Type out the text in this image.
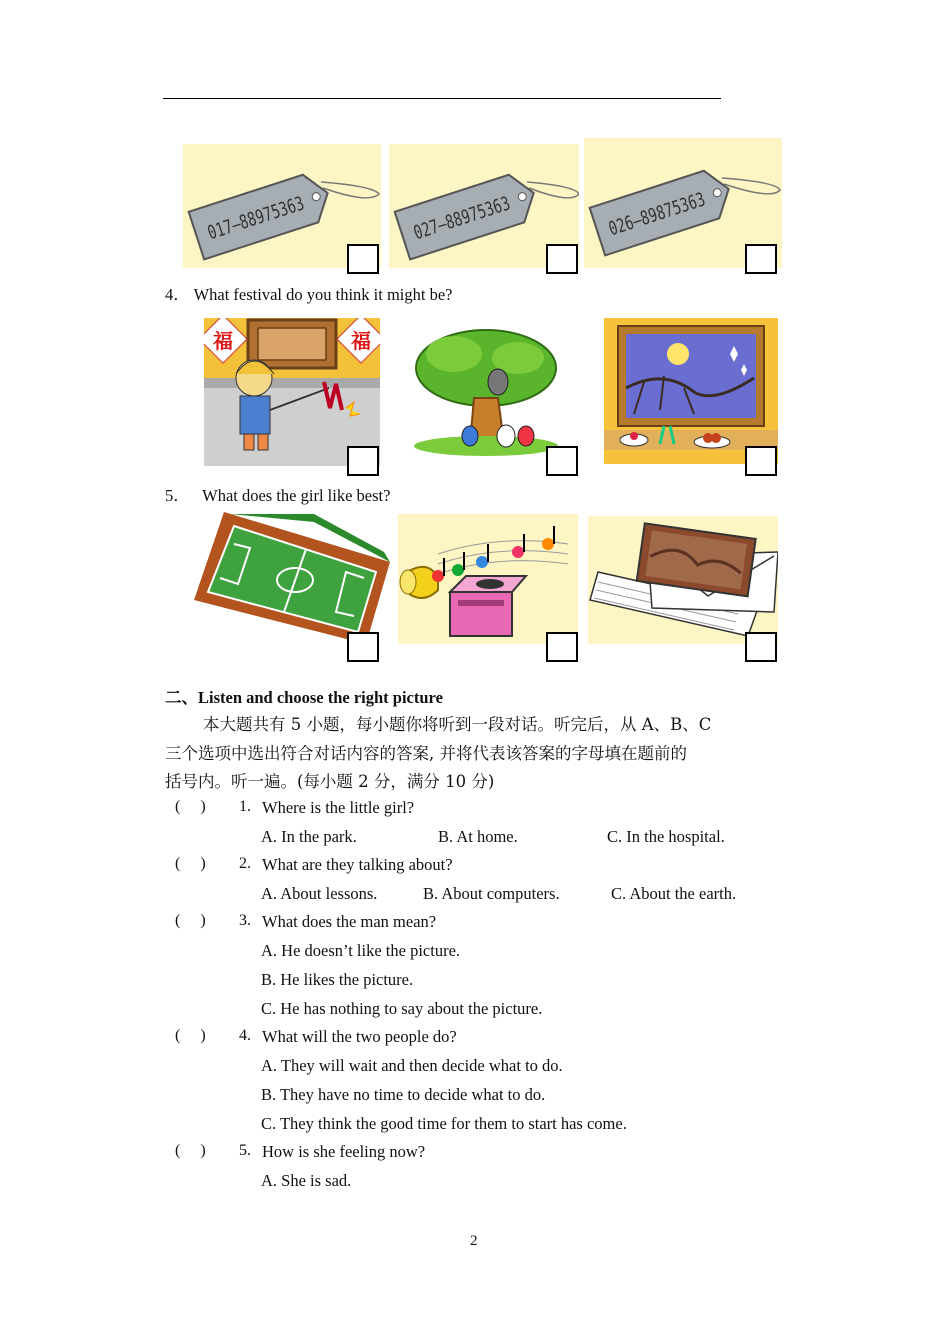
017—88975363	027—88975363	026—89875363
4． What festival do you think it might be?
福	福
5．   What does the girl like best?
二、Listen and choose the right picture
本大题共有 5 小题，每小题你将听到一段对话。听完后，从 A、B、C
三个选项中选出符合对话内容的答案, 并将代表该答案的字母填在题前的
括号内。听一遍。(每小题 2 分，满分 10 分)
(     ) 1. Where is the little girl?
A. In the park.	B. At home.	C. In the hospital.
(     ) 2. What are they talking about?
A. About lessons.	B. About computers.	C. About the earth.
(     ) 3. What does the man mean?
A. He doesn’t like the picture.
B. He likes the picture.
C. He has nothing to say about the picture.
(     ) 4. What will the two people do?
A. They will wait and then decide what to do.
B. They have no time to decide what to do.
C. They think the good time for them to start has come.
(     ) 5. How is she feeling now?
A. She is sad.
2
